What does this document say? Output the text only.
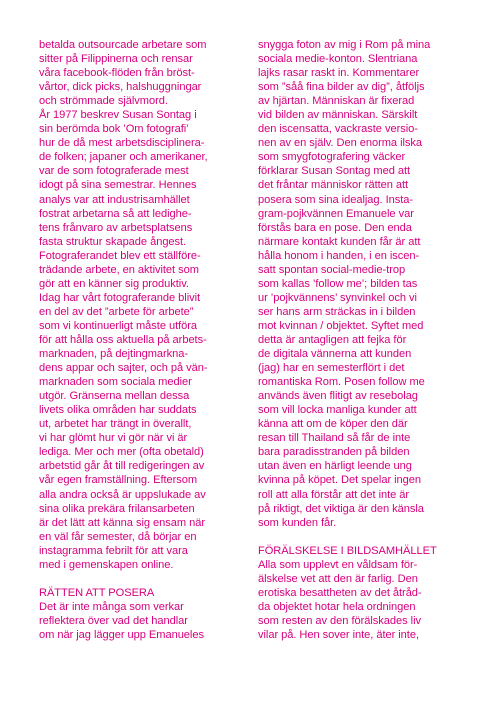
betalda outsourcade arbetare som
sitter på Filippinerna och rensar
våra facebook-flöden från bröst-
vårtor, dick picks, halshuggningar
och strömmade självmord.
År 1977 beskrev Susan Sontag i
sin berömda bok ’Om fotografi’
hur de då mest arbetsdisciplinera-
de folken; japaner och amerikaner,
var de som fotograferade mest
idogt på sina semestrar. Hennes
analys var att industrisamhället
fostrat arbetarna så att ledighe-
tens frånvaro av arbetsplatsens
fasta struktur skapade ångest.
Fotograferandet blev ett ställföre-
trädande arbete, en aktivitet som
gör att en känner sig produktiv.
Idag har vårt fotograferande blivit
en del av det ”arbete för arbete”
som vi kontinuerligt måste utföra
för att hålla oss aktuella på arbets-
marknaden, på dejtingmarkna-
dens appar och sajter, och på vän-
marknaden som sociala medier
utgör. Gränserna mellan dessa
livets olika områden har suddats
ut, arbetet har trängt in överallt,
vi har glömt hur vi gör när vi är
lediga. Mer och mer (ofta obetald)
arbetstid går åt till redigeringen av
vår egen framställning. Eftersom
alla andra också är uppslukade av
sina olika prekära frilansarbeten
är det lätt att känna sig ensam när
en väl får semester, då börjar en
instagramma febrilt för att vara
med i gemenskapen online.
RÄTTEN ATT POSERA
Det är inte många som verkar
reflektera över vad det handlar
om när jag lägger upp Emanueles
snygga foton av mig i Rom på mina
sociala medie-konton. Slentriana
lajks rasar raskt in. Kommentarer
som ”såå fina bilder av dig”, åtföljs
av hjärtan. Människan är fixerad
vid bilden av människan. Särskilt
den iscensatta, vackraste versio-
nen av en själv. Den enorma ilska
som smygfotografering väcker
förklarar Susan Sontag med att
det fråntar människor rätten att
posera som sina idealjag. Insta-
gram-pojkvännen Emanuele var
förstås bara en pose. Den enda
närmare kontakt kunden får är att
hålla honom i handen, i en iscen-
satt spontan social-medie-trop
som kallas ’follow me’; bilden tas
ur ’pojkvännens’ synvinkel och vi
ser hans arm sträckas in i bilden
mot kvinnan / objektet. Syftet med
detta är antagligen att fejka för
de digitala vännerna att kunden
(jag) har en semesterflört i det
romantiska Rom. Posen follow me
används även flitigt av resebolag
som vill locka manliga kunder att
känna att om de köper den där
resan till Thailand så får de inte
bara paradisstranden på bilden
utan även en härligt leende ung
kvinna på köpet. Det spelar ingen
roll att alla förstår att det inte är
på riktigt, det viktiga är den känsla
som kunden får.
FÖRÄLSKELSE I BILDSAMHÄLLET
Alla som upplevt en våldsam för-
älskelse vet att den är farlig. Den
erotiska besattheten av det åtråd-
da objektet hotar hela ordningen
som resten av den förälskades liv
vilar på. Hen sover inte, äter inte,
